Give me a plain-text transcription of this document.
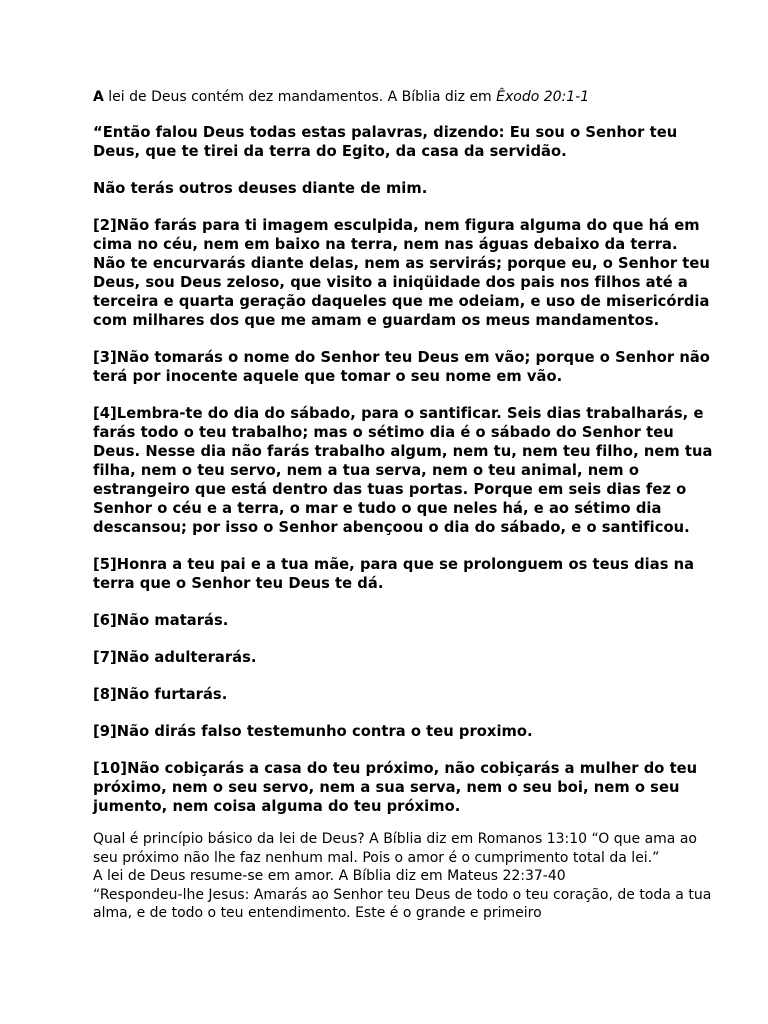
A lei de Deus contém dez mandamentos. A Bíblia diz em Êxodo 20:1-1

“Então falou Deus todas estas palavras, dizendo: Eu sou o Senhor teu Deus, que te tirei da terra do Egito, da casa da servidão.

Não terás outros deuses diante de mim.

[2]Não farás para ti imagem esculpida, nem figura alguma do que há em cima no céu, nem em baixo na terra, nem nas águas debaixo da terra. Não te encurvarás diante delas, nem as servirás; porque eu, o Senhor teu Deus, sou Deus zeloso, que visito a iniqüidade dos pais nos filhos até a terceira e quarta geração daqueles que me odeiam, e uso de misericórdia com milhares dos que me amam e guardam os meus mandamentos.

[3]Não tomarás o nome do Senhor teu Deus em vão; porque o Senhor não terá por inocente aquele que tomar o seu nome em vão.

[4]Lembra-te do dia do sábado, para o santificar. Seis dias trabalharás, e farás todo o teu trabalho; mas o sétimo dia é o sábado do Senhor teu Deus. Nesse dia não farás trabalho algum, nem tu, nem teu filho, nem tua filha, nem o teu servo, nem a tua serva, nem o teu animal, nem o estrangeiro que está dentro das tuas portas. Porque em seis dias fez o Senhor o céu e a terra, o mar e tudo o que neles há, e ao sétimo dia descansou; por isso o Senhor abençoou o dia do sábado, e o santificou.

[5]Honra a teu pai e a tua mãe, para que se prolonguem os teus dias na terra que o Senhor teu Deus te dá.

[6]Não matarás.

[7]Não adulterarás.

[8]Não furtarás.

[9]Não dirás falso testemunho contra o teu proximo.

[10]Não cobiçarás a casa do teu próximo, não cobiçarás a mulher do teu próximo, nem o seu servo, nem a sua serva, nem o seu boi, nem o seu jumento, nem coisa alguma do teu próximo.

Qual é princípio básico da lei de Deus? A Bíblia diz em Romanos 13:10 “O que ama ao seu próximo não lhe faz nenhum mal. Pois o amor é o cumprimento total da lei.”

A lei de Deus resume-se em amor. A Bíblia diz em Mateus 22:37-40

“Respondeu-lhe Jesus: Amarás ao Senhor teu Deus de todo o teu coração, de toda a tua alma, e de todo o teu entendimento. Este é o grande e primeiro
